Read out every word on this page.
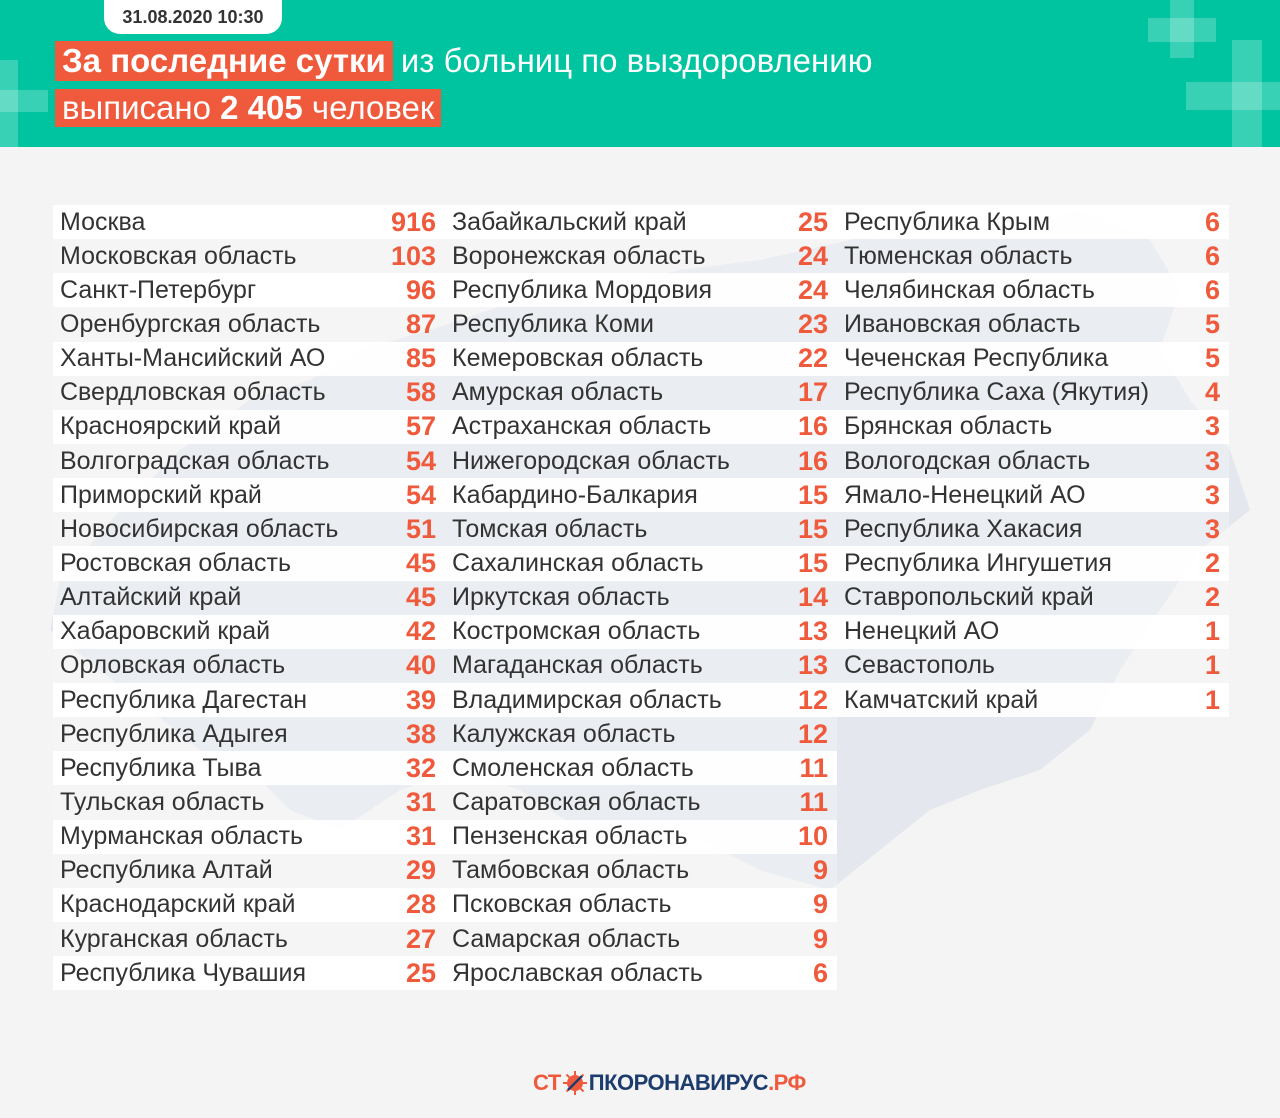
31.08.2020 10:30
За последние сутки из больниц по выздоровлению
выписано 2 405 человек
Москва	916
Московская область	103
Санкт-Петербург	96
Оренбургская область	87
Ханты-Мансийский АО	85
Свердловская область	58
Красноярский край	57
Волгоградская область	54
Приморский край	54
Новосибирская область 51
Ростовская область	45
Алтайский край	45
Хабаровский край	42
Орловская область	40
Республика Дагестан	39
Республика Адыгея	38
Республика Тыва	32
Тульская область	31
Мурманская область	31
Республика Алтай	29
Краснодарский край	28
Курганская область	27
Республика Чувашия	25
Забайкальский край	25
Воронежская область	24
Республика Мордовия	24
Республика Коми	23
Кемеровская область	22
Амурская область	17
Астраханская область	16
Нижегородская область	16
Кабардино-Балкария	15
Томская область	15
Сахалинская область	15
Иркутская область	14
Костромская область	13
Магаданская область	13
Владимирская область	12
Калужская область	12
Смоленская область	11
Саратовская область	11
Пензенская область	10
Тамбовская область	9
Псковская область	9
Самарская область	9
Ярославская область	6
Республика Крым	6
Тюменская область	6
Челябинская область	6
Ивановская область	5
Чеченская Республика	5
Республика Саха (Якутия) 4
Брянская область	3
Вологодская область	3
Ямало-Ненецкий АО	3
Республика Хакасия	3
Республика Ингушетия	2
Ставропольский край	2
Ненецкий АО	1
Севастополь	1
Камчатский край	1
СТ ПКОРОНАВИРУС .РФ
